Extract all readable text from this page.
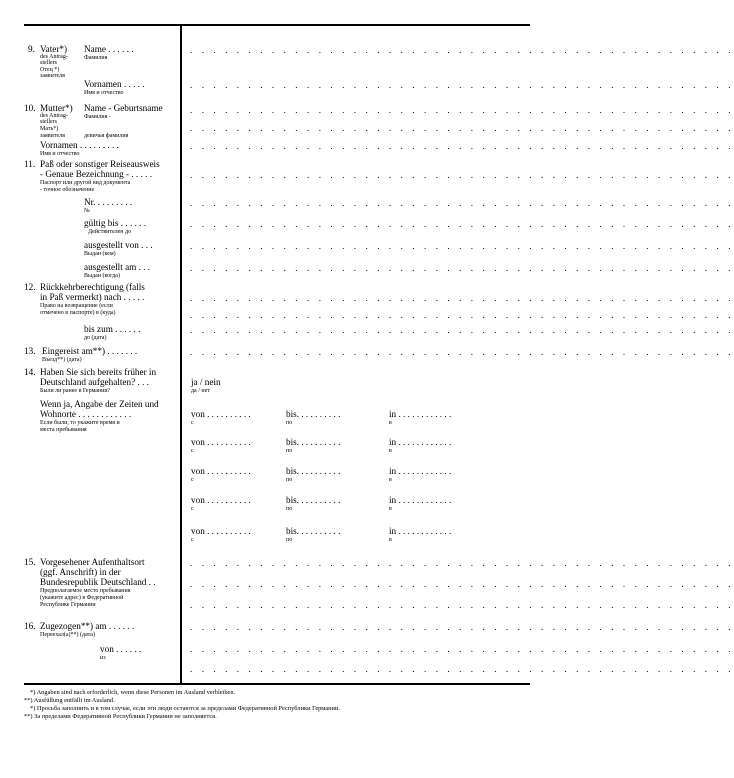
9. Vater*)
des Antrag-
stellers
Отец *)
заявителя
Name . . . . . .
Фамилия
. . . . . . . . . . . . . . . . . . . . . . . . . . . . . . . . . . . . . . . . . . . . . . .
Vornamen . . . . .
Имя и отчество
. . . . . . . . . . . . . . . . . . . . . . . . . . . . . . . . . . . . . . . . . . . . . . .
10. Mutter*)
des Antrag-
stellers
Мать*)
заявителя
Name - Geburtsname
Фамилия -
девичья фамилия
. . . . . . . . . . . . . . . . . . . . . . . . . . . . . . . . . . . . . . . . . . . . . . .
. . . . . . . . . . . . . . . . . . . . . . . . . . . . . . . . . . . . . . . . . . . . . . .
Vornamen . . . . . . . . .
Имя и отчество
. . . . . . . . . . . . . . . . . . . . . . . . . . . . . . . . . . . . . . . . . . . . . . .
11. Paß oder sonstiger Reiseausweis
- Genaue Bezeichnung - . . . . .
Паспорт или другой вид документа
- точное обозначение
. . . . . . . . . . . . . . . . . . . . . . . . . . . . . . . . . . . . . . . . . . . . . . .
Nr. . . . . . . . .
№
. . . . . . . . . . . . . . . . . . . . . . . . . . . . . . . . . . . . . . . . . . . . . . .
gültig bis . . . . . .
Действителен до
. . . . . . . . . . . . . . . . . . . . . . . . . . . . . . . . . . . . . . . . . . . . . . .
ausgestellt von . . .
Выдан (кем)
. . . . . . . . . . . . . . . . . . . . . . . . . . . . . . . . . . . . . . . . . . . . . . .
ausgestellt am . . .
Выдан (когда)
. . . . . . . . . . . . . . . . . . . . . . . . . . . . . . . . . . . . . . . . . . . . . . .
12. Rückkehrberechtigung (falls
in Paß vermerkt) nach . . . . .
Право на возвращение (если
отмечено в паспорте) в (куда)
. . . . . . . . . . . . . . . . . . . . . . . . . . . . . . . . . . . . . . . . . . . . . . .
. . . . . . . . . . . . . . . . . . . . . . . . . . . . . . . . . . . . . . . . . . . . . . .
bis zum . . . . . .
до (дата)
. . . . . . . . . . . . . . . . . . . . . . . . . . . . . . . . . . . . . . . . . . . . . . .
13. Eingereist am**) . . . . . . .
Въезд**) (дата)
. . . . . . . . . . . . . . . . . . . . . . . . . . . . . . . . . . . . . . . . . . . . . . .
14. Haben Sie sich bereits früher in
Deutschland aufgehalten? . . .
Были ли ранее в Германии?
ja / nein
да / нет
Wenn ja, Angabe der Zeiten und
Wohnorte . . . . . . . . . . . .
Если были, то укажите время и
места пребывания
von . . . . . . . . . .
с
bis. . . . . . . . . .
по
in . . . . . . . . . . . .
в
von . . . . . . . . . .
с
bis. . . . . . . . . .
по
in . . . . . . . . . . . .
в
von . . . . . . . . . .
с
bis. . . . . . . . . .
по
in . . . . . . . . . . . .
в
von . . . . . . . . . .
с
bis. . . . . . . . . .
по
in . . . . . . . . . . . .
в
von . . . . . . . . . .
с
bis. . . . . . . . . .
по
in . . . . . . . . . . . .
в
15. Vorgesehener Aufenthaltsort
(ggf. Anschrift) in der
Bundesrepublik Deutschland . .
Предполагаемое место пребывания
(укажите адрес) в Федеративной
Республике Германии
. . . . . . . . . . . . . . . . . . . . . . . . . . . . . . . . . . . . . . . . . . . . . . .
. . . . . . . . . . . . . . . . . . . . . . . . . . . . . . . . . . . . . . . . . . . . . . .
. . . . . . . . . . . . . . . . . . . . . . . . . . . . . . . . . . . . . . . . . . . . . . .
16. Zugezogen**) am . . . . . .
Переехал(а)**) (дата)
. . . . . . . . . . . . . . . . . . . . . . . . . . . . . . . . . . . . . . . . . . . . . . .
von . . . . . .
из
. . . . . . . . . . . . . . . . . . . . . . . . . . . . . . . . . . . . . . . . . . . . . . .
. . . . . . . . . . . . . . . . . . . . . . . . . . . . . . . . . . . . . . . . . . . . . . .
*) Angaben sind nach erforderlich, wenn diese Personen im Ausland verbleiben.
**) Ausfüllung entfällt im Ausland.
*) Просьба заполнить и в том случае, если эти люди остаются за пределами Федеративной Республики Германии.
**) За пределами Федеративной Республики Германии не заполняется.
